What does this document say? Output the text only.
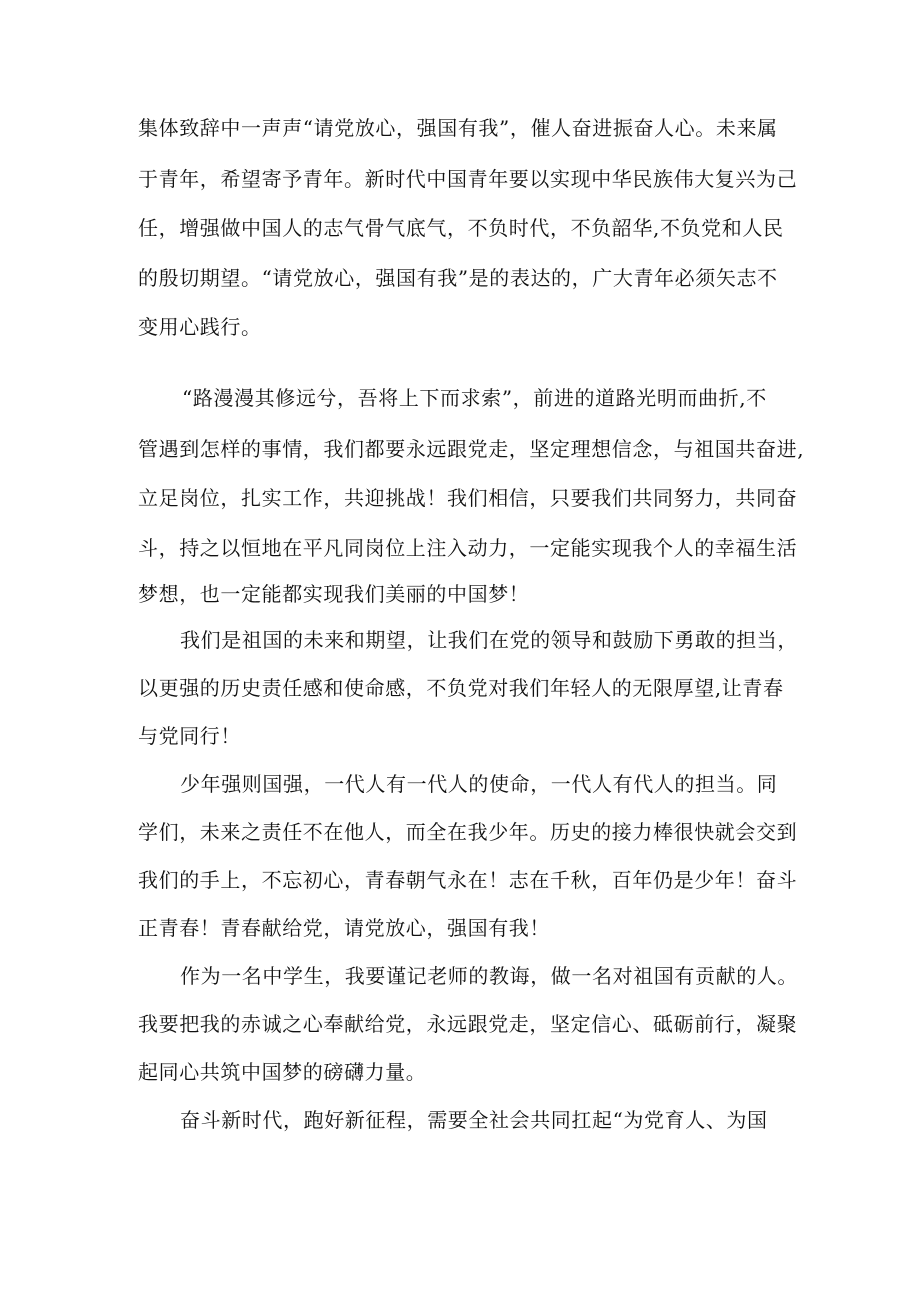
集体致辞中一声声“请党放心，强国有我”，催人奋进振奋人心。未来属
于青年，希望寄予青年。新时代中国青年要以实现中华民族伟大复兴为己
任，增强做中国人的志气骨气底气，不负时代，不负韶华,不负党和人民
的殷切期望。“请党放心，强国有我”是的表达的，广大青年必须矢志不
变用心践行。
“路漫漫其修远兮，吾将上下而求索”，前进的道路光明而曲折,不
管遇到怎样的事情，我们都要永远跟党走，坚定理想信念，与祖国共奋进,
立足岗位，扎实工作，共迎挑战！我们相信，只要我们共同努力，共同奋
斗，持之以恒地在平凡同岗位上注入动力，一定能实现我个人的幸福生活
梦想，也一定能都实现我们美丽的中国梦！
我们是祖国的未来和期望，让我们在党的领导和鼓励下勇敢的担当，
以更强的历史责任感和使命感，不负党对我们年轻人的无限厚望,让青春
与党同行！
少年强则国强，一代人有一代人的使命，一代人有代人的担当。同
学们，未来之责任不在他人，而全在我少年。历史的接力棒很快就会交到
我们的手上，不忘初心，青春朝气永在！志在千秋，百年仍是少年！奋斗
正青春！青春献给党，请党放心，强国有我！
作为一名中学生，我要谨记老师的教诲，做一名对祖国有贡献的人。
我要把我的赤诚之心奉献给党，永远跟党走，坚定信心、砥砺前行，凝聚
起同心共筑中国梦的磅礴力量。
奋斗新时代，跑好新征程，需要全社会共同扛起“为党育人、为国
